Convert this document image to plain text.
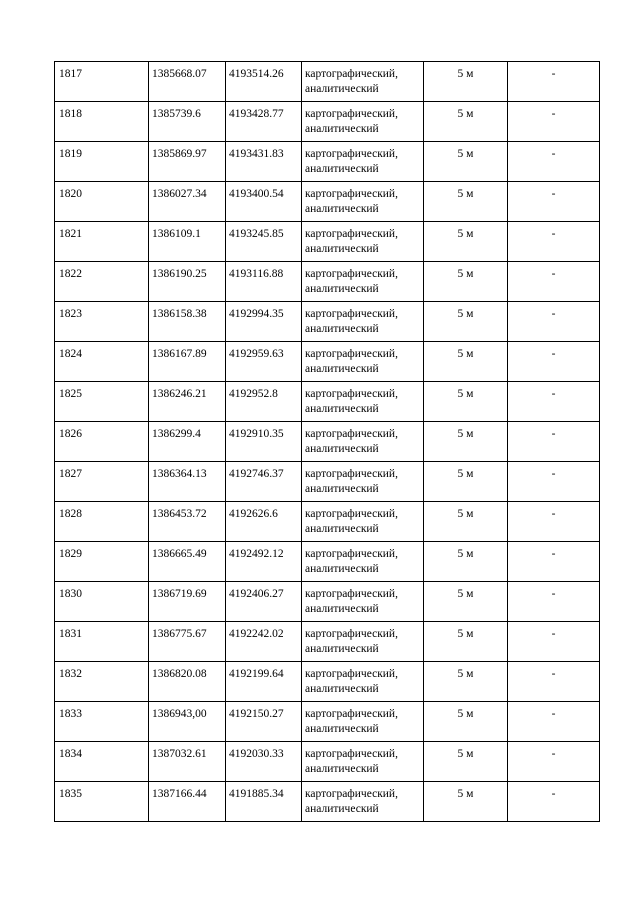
1817	1385668.07	4193514.26	картографический,
аналитический	5 м	-
1818	1385739.6	4193428.77	картографический,
аналитический	5 м	-
1819	1385869.97	4193431.83	картографический,
аналитический	5 м	-
1820	1386027.34	4193400.54	картографический,
аналитический	5 м	-
1821	1386109.1	4193245.85	картографический,
аналитический	5 м	-
1822	1386190.25	4193116.88	картографический,
аналитический	5 м	-
1823	1386158.38	4192994.35	картографический,
аналитический	5 м	-
1824	1386167.89	4192959.63	картографический,
аналитический	5 м	-
1825	1386246.21	4192952.8	картографический,
аналитический	5 м	-
1826	1386299.4	4192910.35	картографический,
аналитический	5 м	-
1827	1386364.13	4192746.37	картографический,
аналитический	5 м	-
1828	1386453.72	4192626.6	картографический,
аналитический	5 м	-
1829	1386665.49	4192492.12	картографический,
аналитический	5 м	-
1830	1386719.69	4192406.27	картографический,
аналитический	5 м	-
1831	1386775.67	4192242.02	картографический,
аналитический	5 м	-
1832	1386820.08	4192199.64	картографический,
аналитический	5 м	-
1833	1386943,00	4192150.27	картографический,
аналитический	5 м	-
1834	1387032.61	4192030.33	картографический,
аналитический	5 м	-
1835	1387166.44	4191885.34	картографический,
аналитический	5 м	-
